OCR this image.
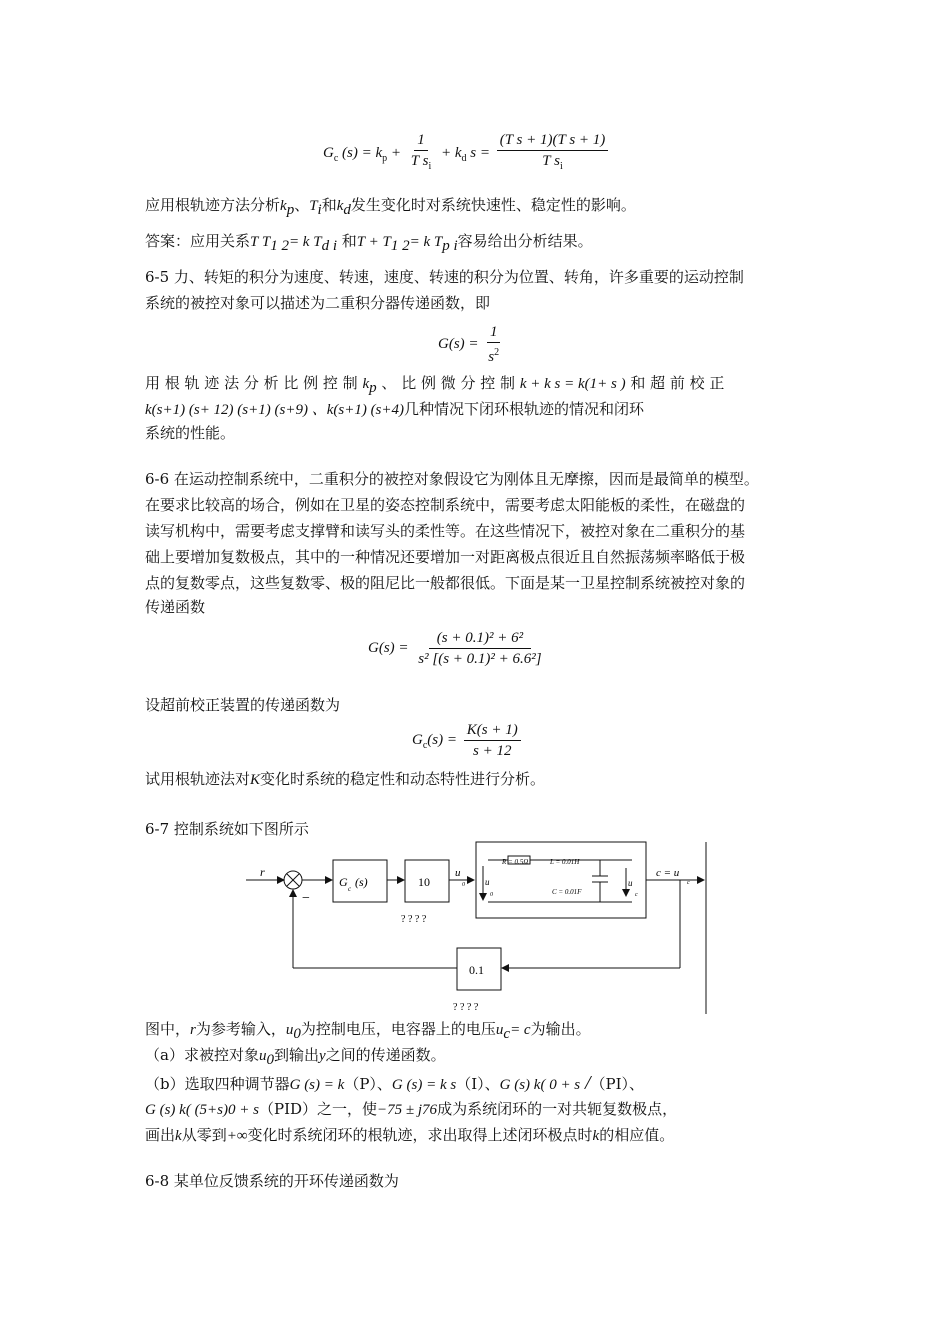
$G_c$ $(s) = k_p + \frac{1}{T s_i} + k_d$ $s = \frac{\text{(T s + 1)(T s + 1)}}{T s_i}$
应用根轨迹方法分析$k_p$、$T_i$和$k_d$发生变化时对系统快速性、稳定性的影响。
答案：应用关系T $T_{1 2}= k$ $T_{d i}$ 和$T + T_{1 2}= k$ $T_{p i}$容易给出分析结果。
6-5 力、转矩的积分为速度、转速，速度、转速的积分为位置、转角，许多重要的运动控制
系统的被控对象可以描述为二重积分器传递函数，即
$G(s) = \frac{1}{s^2}$
用 根 轨 迹 法 分 析 比 例 控 制 $k_p$ 、 比 例 微 分 控 制 k + k s = k(1+ s ) 和 超 前 校 正
k(s+1) (s+ 12) (s+1) (s+9) 、k(s+1) (s+4)几种情况下闭环根轨迹的情况和闭环
系统的性能。
6-6 在运动控制系统中，二重积分的被控对象假设它为刚体且无摩擦，因而是最简单的模型。
在要求比较高的场合，例如在卫星的姿态控制系统中，需要考虑太阳能板的柔性，在磁盘的
读写机构中，需要考虑支撑臂和读写头的柔性等。在这些情况下，被控对象在二重积分的基
础上要增加复数极点，其中的一种情况还要增加一对距离极点很近且自然振荡频率略低于极
点的复数零点，这些复数零、极的阻尼比一般都很低。下面是某一卫星控制系统被控对象的
传递函数
$G(s) = \frac{\text{(s + 0.1)² + 6²}}{\text{s² [(s + 0.1)² + 6.6²]}}$
设超前校正装置的传递函数为
$G_c(s) = \frac{K(s + 1)}{s + 12}$
试用根轨迹法对K变化时系统的稳定性和动态特性进行分析。
6-7 控制系统如下图所示
r
−
G c (s)	10
? ? ? ?
u
0
R = 0.5Ω	L = 0.01H
C = 0.01F
u
0
u
c
c = u
c
0.1
? ? ? ?
图中，r为参考输入，$u_0$为控制电压，电容器上的电压$u_c= c$为输出。
（a）求被控对象$u_0$到输出y之间的传递函数。
（b）选取四种调节器G (s) = k（P）、G (s) = k s（I）、G (s) k( 0 + s /（PI）、
G (s) k( (5+s)0 + s（PID）之一，使−75 ± j76成为系统闭环的一对共轭复数极点，
画出k从零到+∞变化时系统闭环的根轨迹，求出取得上述闭环极点时k的相应值。
6-8 某单位反馈系统的开环传递函数为
